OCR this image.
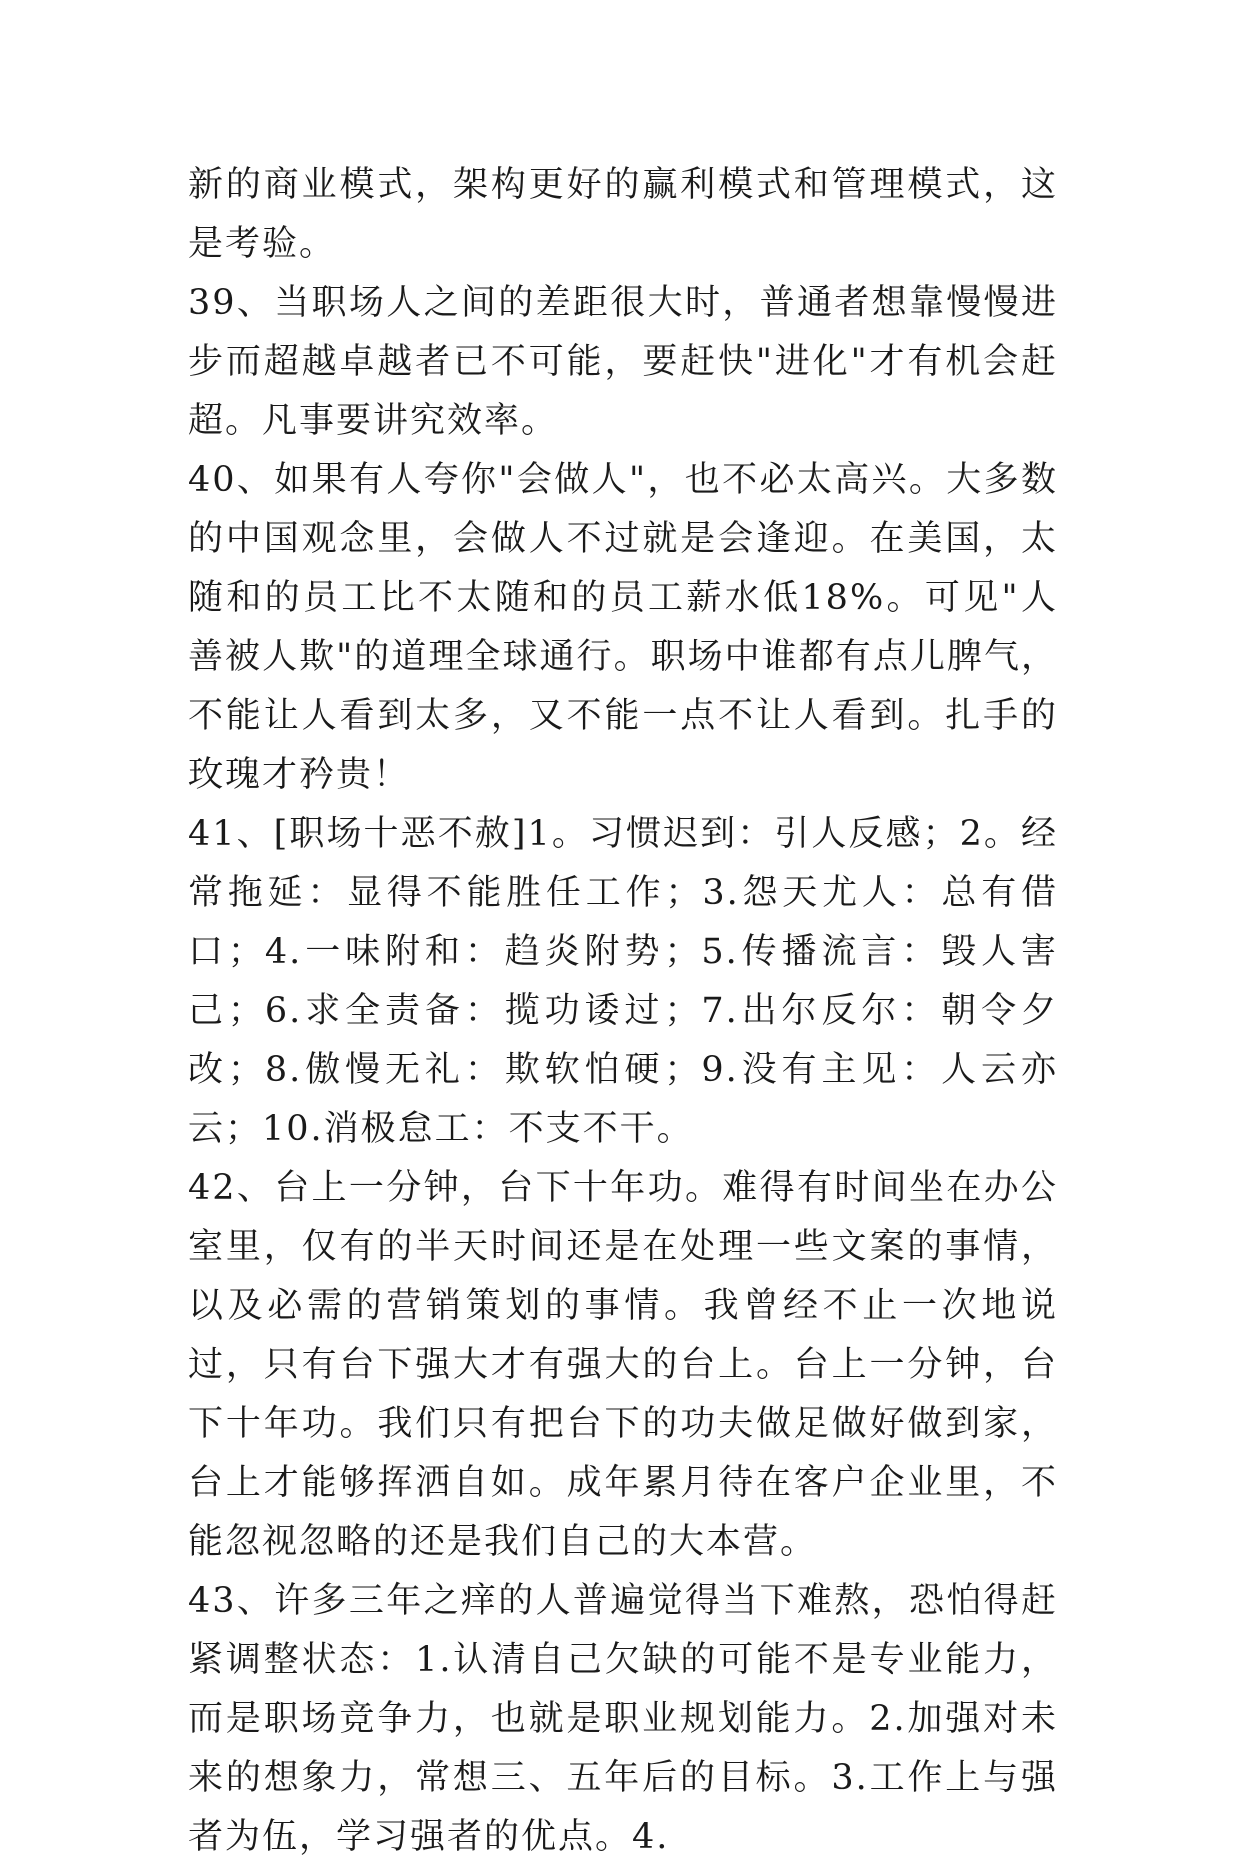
新的商业模式，架构更好的赢利模式和管理模式，这是考验。

39、当职场人之间的差距很大时，普通者想靠慢慢进步而超越卓越者已不可能，要赶快"进化"才有机会赶超。凡事要讲究效率。

40、如果有人夸你"会做人"，也不必太高兴。大多数的中国观念里，会做人不过就是会逢迎。在美国，太随和的员工比不太随和的员工薪水低18%。可见"人善被人欺"的道理全球通行。职场中谁都有点儿脾气，不能让人看到太多，又不能一点不让人看到。扎手的玫瑰才矜贵！

41、[职场十恶不赦]1。习惯迟到：引人反感；2。经常拖延：显得不能胜任工作；3.怨天尤人：总有借口；4.一味附和：趋炎附势；5.传播流言：毁人害己；6.求全责备：揽功诿过；7.出尔反尔：朝令夕改；8.傲慢无礼：欺软怕硬；9.没有主见：人云亦云；10.消极怠工：不支不干。

42、台上一分钟，台下十年功。难得有时间坐在办公室里，仅有的半天时间还是在处理一些文案的事情，以及必需的营销策划的事情。我曾经不止一次地说过，只有台下强大才有强大的台上。台上一分钟，台下十年功。我们只有把台下的功夫做足做好做到家，台上才能够挥洒自如。成年累月待在客户企业里，不能忽视忽略的还是我们自己的大本营。

43、许多三年之痒的人普遍觉得当下难熬，恐怕得赶紧调整状态：1.认清自己欠缺的可能不是专业能力，而是职场竞争力，也就是职业规划能力。2.加强对未来的想象力，常想三、五年后的目标。3.工作上与强者为伍，学习强者的优点。4.
